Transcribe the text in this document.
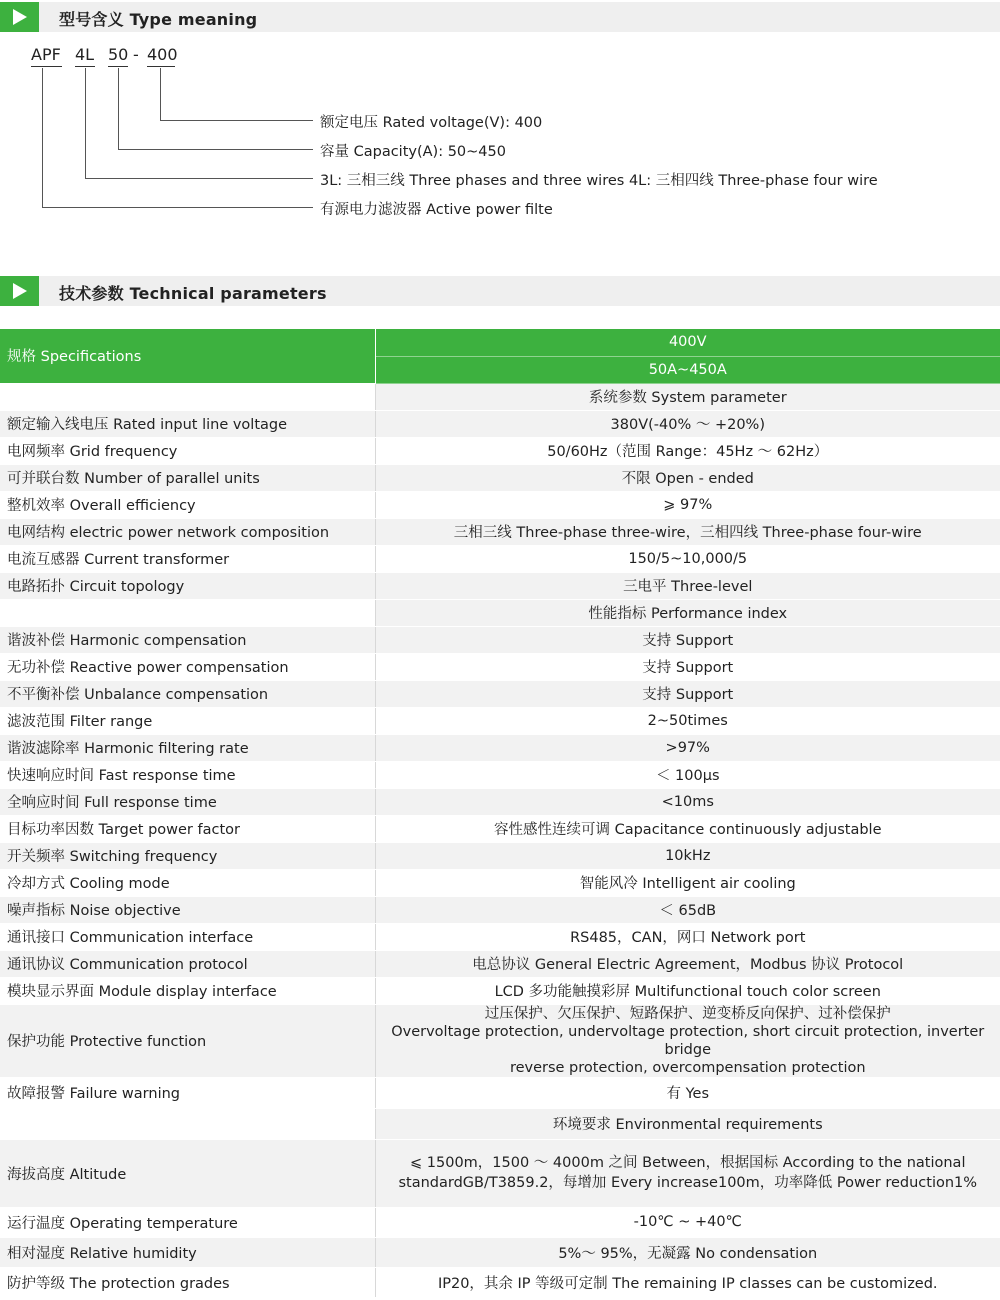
型号含义 Type meaning
APF 4L 50 - 400
额定电压 Rated voltage(V): 400
容量 Capacity(A): 50~450
3L: 三相三线 Three phases and three wires 4L: 三相四线 Three-phase four wire
有源电力滤波器 Active power filte
技术参数 Technical parameters
规格 Specifications	400V
	50A~450A
	系统参数 System parameter
额定输入线电压 Rated input line voltage	380V(-40% ～ +20%)
电网频率 Grid frequency	50/60Hz（范围 Range：45Hz ～ 62Hz）
可并联台数 Number of parallel units	不限 Open - ended
整机效率 Overall efficiency	⩾ 97%
电网结构 electric power network composition	三相三线 Three-phase three-wire，三相四线 Three-phase four-wire
电流互感器 Current transformer	150/5~10,000/5
电路拓扑 Circuit topology	三电平 Three-level
	性能指标 Performance index
谐波补偿 Harmonic compensation	支持 Support
无功补偿 Reactive power compensation	支持 Support
不平衡补偿 Unbalance compensation	支持 Support
滤波范围 Filter range	2~50times
谐波滤除率 Harmonic filtering rate	>97%
快速响应时间 Fast response time	＜ 100μs
全响应时间 Full response time	<10ms
目标功率因数 Target power factor	容性感性连续可调 Capacitance continuously adjustable
开关频率 Switching frequency	10kHz
冷却方式 Cooling mode	智能风冷 Intelligent air cooling
噪声指标 Noise objective	＜ 65dB
通讯接口 Communication interface	RS485，CAN，网口 Network port
通讯协议 Communication protocol	电总协议 General Electric Agreement，Modbus 协议 Protocol
模块显示界面 Module display interface	LCD 多功能触摸彩屏 Multifunctional touch color screen
保护功能 Protective function	过压保护、欠压保护、短路保护、逆变桥反向保护、过补偿保护
Overvoltage protection, undervoltage protection, short circuit protection, inverter bridge
reverse protection, overcompensation protection

故障报警 Failure warning	有 Yes
	环境要求 Environmental requirements
海拔高度 Altitude	⩽ 1500m，1500 ～ 4000m 之间 Between，根据国标 According to the national
standardGB/T3859.2，每增加 Every increase100m，功率降低 Power reduction1%

运行温度 Operating temperature	-10℃ ~ +40℃
相对湿度 Relative humidity	5%～ 95%，无凝露 No condensation
防护等级 The protection grades	IP20，其余 IP 等级可定制 The remaining IP classes can be customized.
